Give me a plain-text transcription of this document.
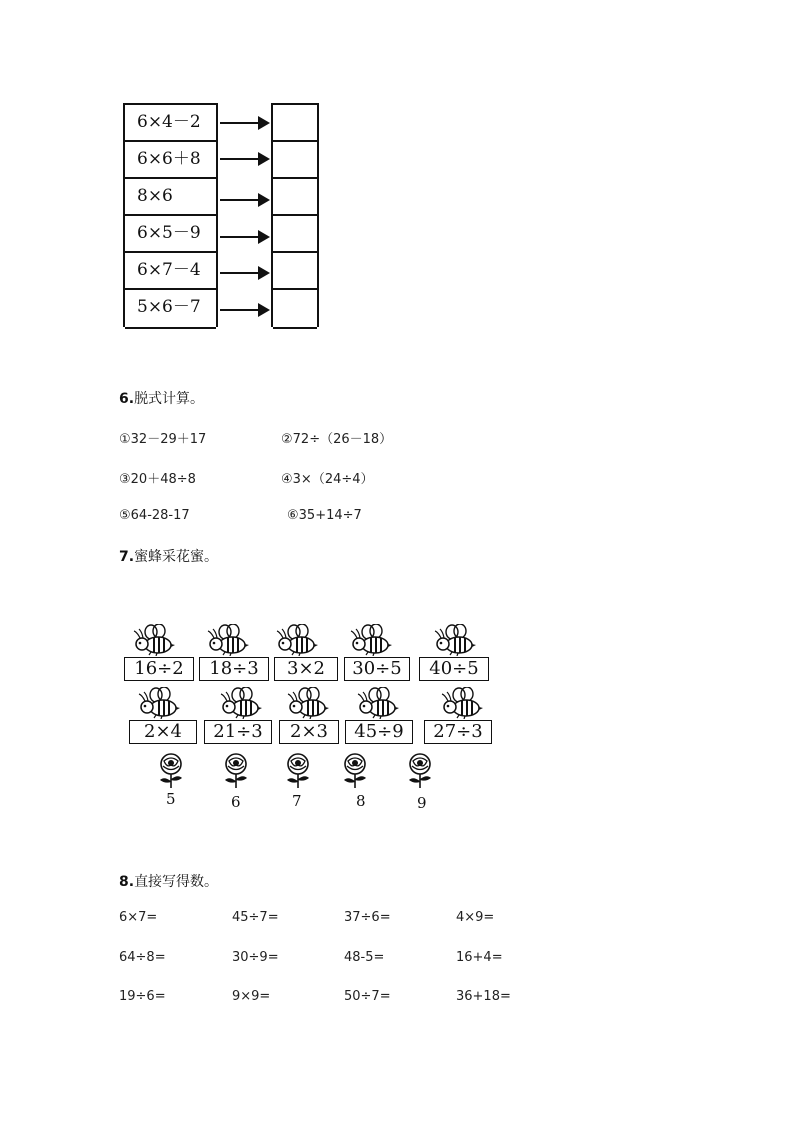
6×4－2
6×6＋8
8×6
6×5－9
6×7－4
5×6－7
6.脱式计算。
①32－29＋17	②72÷（26－18）
③20＋48÷8	④3×（24÷4）
⑤64-28-17	⑥35+14÷7
7.蜜蜂采花蜜。
16÷2	18÷3	3×2	30÷5	40÷5
2×4	21÷3	2×3	45÷9	27÷3
5	6	7	8	9
8.直接写得数。
6×7=	45÷7=	37÷6=	4×9=
64÷8=	30÷9=	48-5=	16+4=
19÷6=	9×9=	50÷7=	36+18=
